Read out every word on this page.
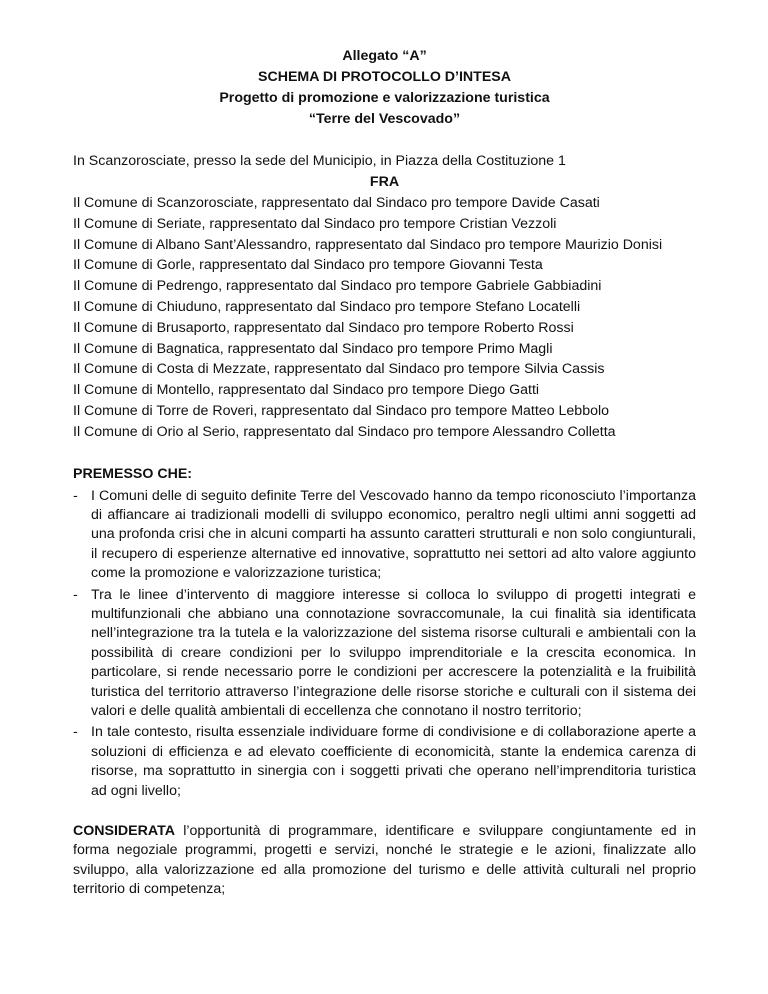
Allegato “A”
SCHEMA DI PROTOCOLLO D’INTESA
Progetto di promozione e valorizzazione turistica
“Terre del Vescovado”
In Scanzorosciate, presso la sede del Municipio, in Piazza della Costituzione 1
FRA
Il Comune di Scanzorosciate, rappresentato dal Sindaco pro tempore Davide Casati
Il Comune di Seriate, rappresentato dal Sindaco pro tempore Cristian Vezzoli
Il Comune di Albano Sant’Alessandro, rappresentato dal Sindaco pro tempore Maurizio Donisi
Il Comune di Gorle, rappresentato dal Sindaco pro tempore Giovanni Testa
Il Comune di Pedrengo, rappresentato dal Sindaco pro tempore Gabriele Gabbiadini
Il Comune di Chiuduno, rappresentato dal Sindaco pro tempore Stefano Locatelli
Il Comune di Brusaporto, rappresentato dal Sindaco pro tempore Roberto Rossi
Il Comune di Bagnatica, rappresentato dal Sindaco pro tempore Primo Magli
Il Comune di Costa di Mezzate, rappresentato dal Sindaco pro tempore Silvia Cassis
Il Comune di Montello, rappresentato dal Sindaco pro tempore Diego Gatti
Il Comune di Torre de Roveri, rappresentato dal Sindaco pro tempore Matteo Lebbolo
Il Comune di Orio al Serio, rappresentato dal Sindaco pro tempore Alessandro Colletta
PREMESSO CHE:
- I Comuni delle di seguito definite Terre del Vescovado hanno da tempo riconosciuto l’importanza di affiancare ai tradizionali modelli di sviluppo economico, peraltro negli ultimi anni soggetti ad una profonda crisi che in alcuni comparti ha assunto caratteri strutturali e non solo congiunturali, il recupero di esperienze alternative ed innovative, soprattutto nei settori ad alto valore aggiunto come la promozione e valorizzazione turistica;
- Tra le linee d’intervento di maggiore interesse si colloca lo sviluppo di progetti integrati e multifunzionali che abbiano una connotazione sovraccomunale, la cui finalità sia identificata nell’integrazione tra la tutela e la valorizzazione del sistema risorse culturali e ambientali con la possibilità di creare condizioni per lo sviluppo imprenditoriale e la crescita economica. In particolare, si rende necessario porre le condizioni per accrescere la potenzialità e la fruibilità turistica del territorio attraverso l’integrazione delle risorse storiche e culturali con il sistema dei valori e delle qualità ambientali di eccellenza che connotano il nostro territorio;
- In tale contesto, risulta essenziale individuare forme di condivisione e di collaborazione aperte a soluzioni di efficienza e ad elevato coefficiente di economicità, stante la endemica carenza di risorse, ma soprattutto in sinergia con i soggetti privati che operano nell’imprenditoria turistica ad ogni livello;
CONSIDERATA l’opportunità di programmare, identificare e sviluppare congiuntamente ed in forma negoziale programmi, progetti e servizi, nonché le strategie e le azioni, finalizzate allo sviluppo, alla valorizzazione ed alla promozione del turismo e delle attività culturali nel proprio territorio di competenza;
